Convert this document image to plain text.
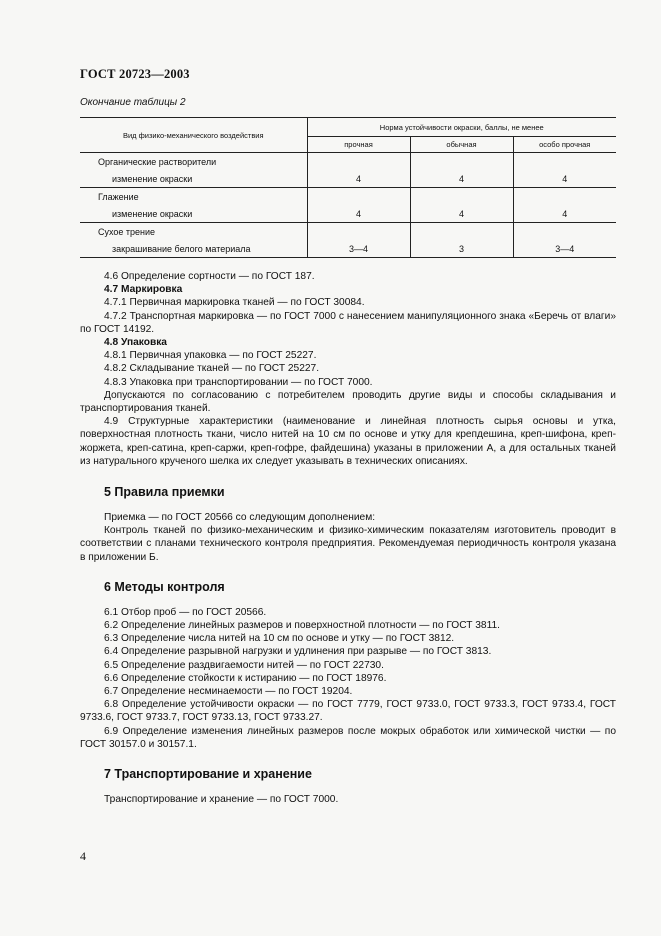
ГОСТ 20723—2003
Окончание таблицы 2
Вид физико-механического воздействия	Норма устойчивости окраски, баллы, не менее		
	прочная	обычная	особо прочная
Органические растворители			
изменение окраски	4	4	4
Глажение			
изменение окраски	4	4	4
Сухое трение			
закрашивание белого материала	3—4	3	3—4

4.6 Определение сортности — по ГОСТ 187.

4.7 Маркировка

4.7.1 Первичная маркировка тканей — по ГОСТ 30084.

4.7.2 Транспортная маркировка — по ГОСТ 7000 с нанесением манипуляционного знака «Беречь от влаги» по ГОСТ 14192.

4.8 Упаковка

4.8.1 Первичная упаковка — по ГОСТ 25227.

4.8.2 Складывание тканей — по ГОСТ 25227.

4.8.3 Упаковка при транспортировании — по ГОСТ 7000.

Допускаются по согласованию с потребителем проводить другие виды и способы складывания и транспортирования тканей.

4.9 Структурные характеристики (наименование и линейная плотность сырья основы и утка, поверхностная плотность ткани, число нитей на 10 см по основе и утку для крепдешина, креп-шифона, креп-жоржета, креп-сатина, креп-саржи, креп-гофре, файдешина) указаны в приложении А, а для остальных тканей из натурального крученого шелка их следует указывать в технических описаниях.

5 Правила приемки

Приемка — по ГОСТ 20566 со следующим дополнением:

Контроль тканей по физико-механическим и физико-химическим показателям изготовитель проводит в соответствии с планами технического контроля предприятия. Рекомендуемая периодичность контроля указана в приложении Б.

6 Методы контроля

6.1 Отбор проб — по ГОСТ 20566.

6.2 Определение линейных размеров и поверхностной плотности — по ГОСТ 3811.

6.3 Определение числа нитей на 10 см по основе и утку — по ГОСТ 3812.

6.4 Определение разрывной нагрузки и удлинения при разрыве — по ГОСТ 3813.

6.5 Определение раздвигаемости нитей — по ГОСТ 22730.

6.6 Определение стойкости к истиранию — по ГОСТ 18976.

6.7 Определение несминаемости — по ГОСТ 19204.

6.8 Определение устойчивости окраски — по ГОСТ 7779, ГОСТ 9733.0, ГОСТ 9733.3, ГОСТ 9733.4, ГОСТ 9733.6, ГОСТ 9733.7, ГОСТ 9733.13, ГОСТ 9733.27.

6.9 Определение изменения линейных размеров после мокрых обработок или химической чистки — по ГОСТ 30157.0 и 30157.1.

7 Транспортирование и хранение

Транспортирование и хранение — по ГОСТ 7000.

4
